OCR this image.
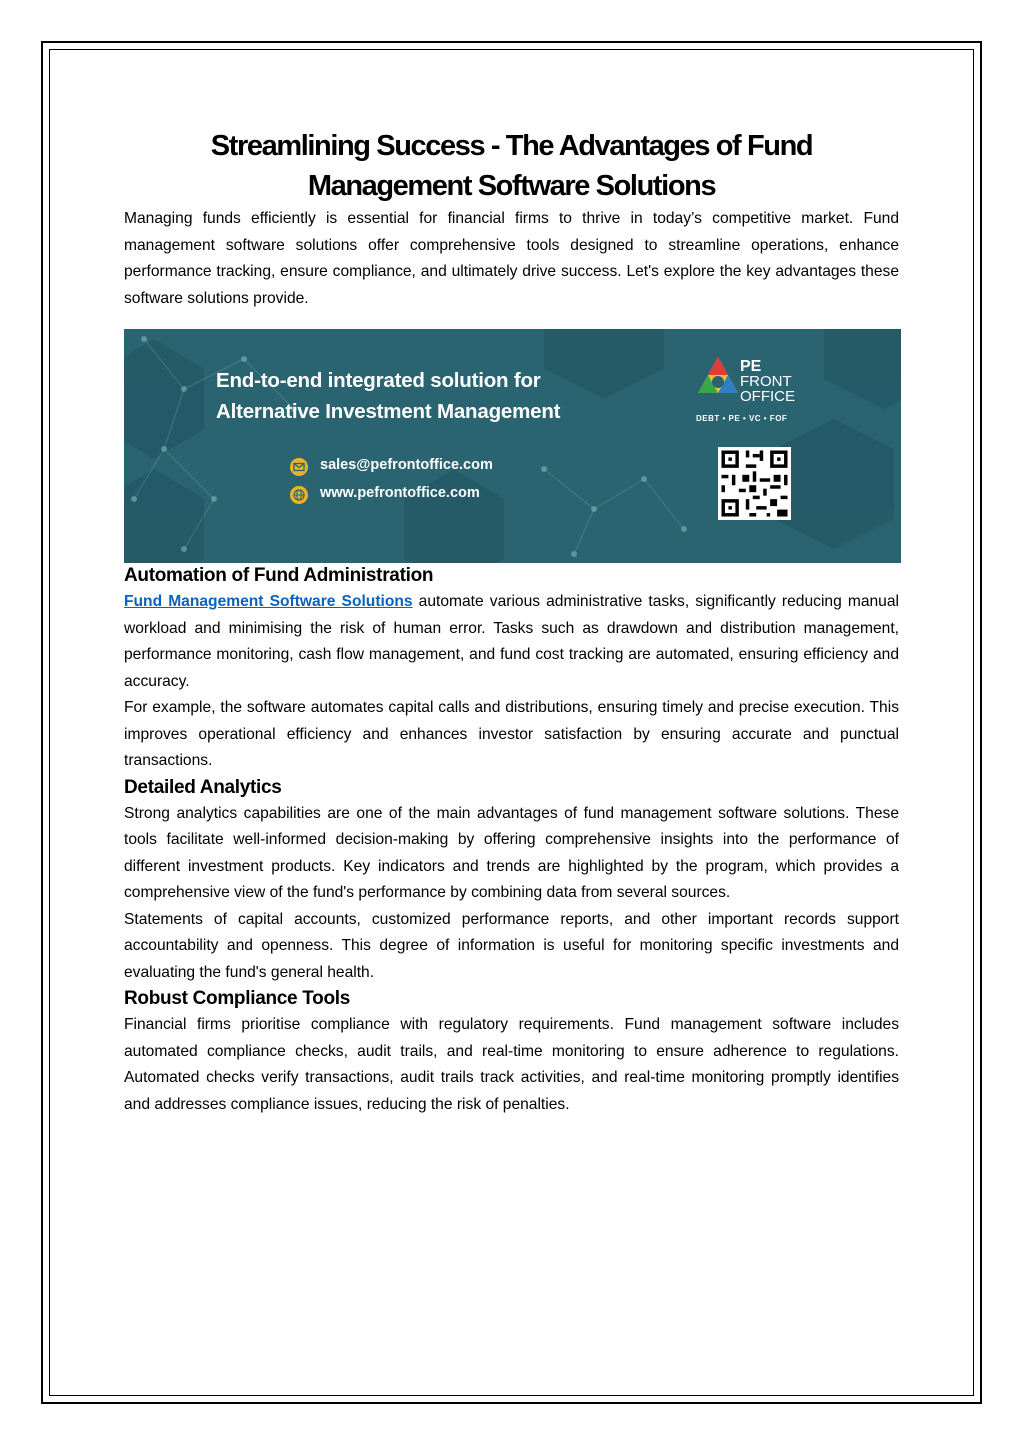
Streamlining Success - The Advantages of Fund
Management Software Solutions

Managing funds efficiently is essential for financial firms to thrive in today’s competitive market. Fund management software solutions offer comprehensive tools designed to streamline operations, enhance performance tracking, ensure compliance, and ultimately drive success. Let's explore the key advantages these software solutions provide.

End-to-end integrated solution for
Alternative Investment Management
sales@pefrontoffice.com
www.pefrontoffice.com
PE
FRONT
OFFICE
DEBT • PE • VC • FOF
Automation of Fund Administration

Fund Management Software Solutions automate various administrative tasks, significantly reducing manual workload and minimising the risk of human error. Tasks such as drawdown and distribution management, performance monitoring, cash flow management, and fund cost tracking are automated, ensuring efficiency and accuracy.

For example, the software automates capital calls and distributions, ensuring timely and precise execution. This improves operational efficiency and enhances investor satisfaction by ensuring accurate and punctual transactions.

Detailed Analytics

Strong analytics capabilities are one of the main advantages of fund management software solutions. These tools facilitate well-informed decision-making by offering comprehensive insights into the performance of different investment products. Key indicators and trends are highlighted by the program, which provides a comprehensive view of the fund's performance by combining data from several sources.

Statements of capital accounts, customized performance reports, and other important records support accountability and openness. This degree of information is useful for monitoring specific investments and evaluating the fund's general health.

Robust Compliance Tools

Financial firms prioritise compliance with regulatory requirements. Fund management software includes automated compliance checks, audit trails, and real-time monitoring to ensure adherence to regulations. Automated checks verify transactions, audit trails track activities, and real-time monitoring promptly identifies and addresses compliance issues, reducing the risk of penalties.
